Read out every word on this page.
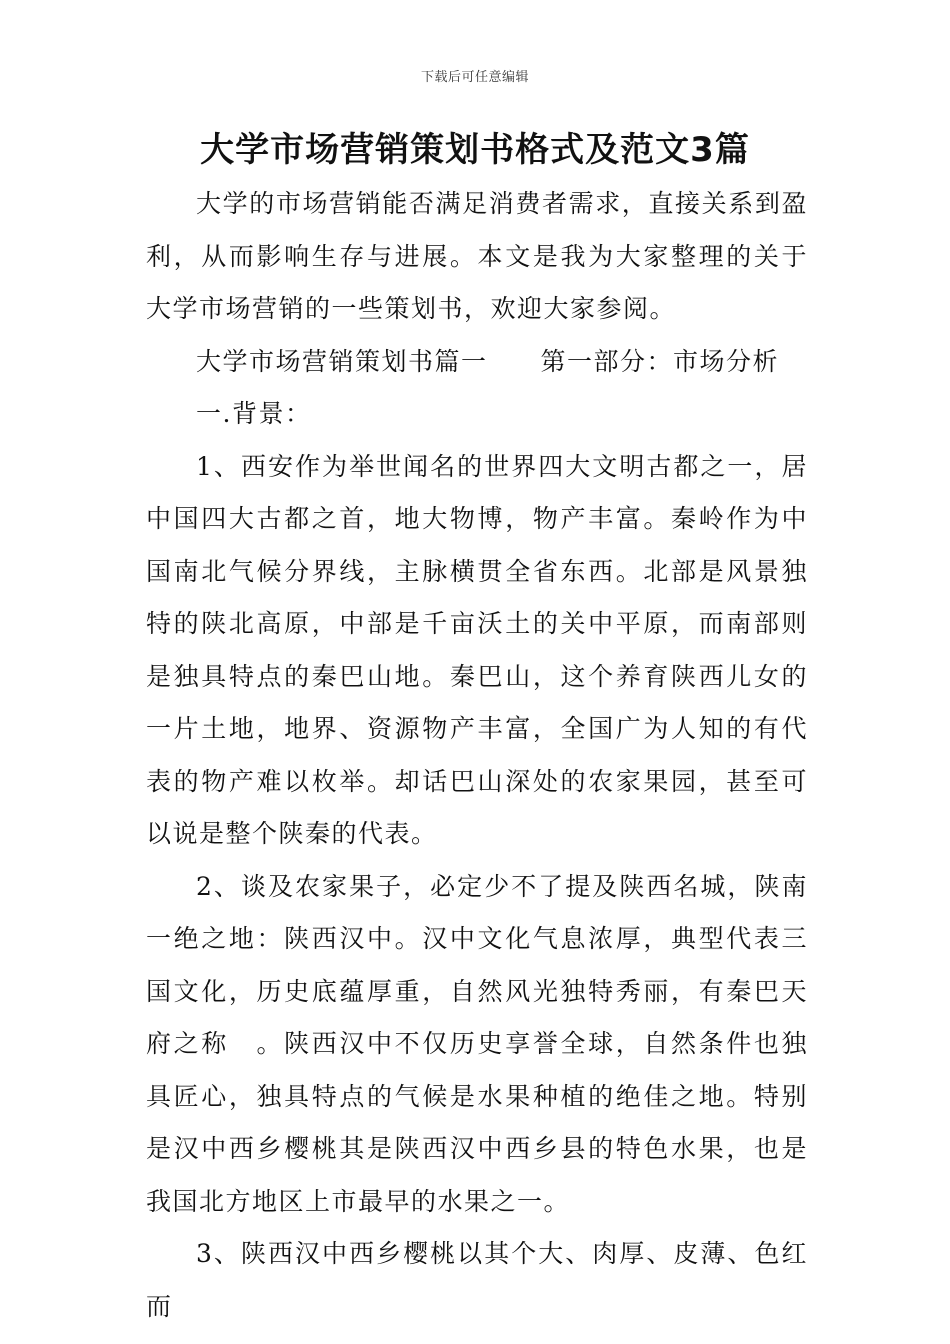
下载后可任意编辑
大学市场营销策划书格式及范文3篇

大学的市场营销能否满足消费者需求，直接关系到盈利，从而影响生存与进展。本文是我为大家整理的关于大学市场营销的一些策划书，欢迎大家参阅。

大学市场营销策划书篇一　　第一部分：市场分析

一.背景：

1、西安作为举世闻名的世界四大文明古都之一，居中国四大古都之首，地大物博，物产丰富。秦岭作为中国南北气候分界线，主脉横贯全省东西。北部是风景独特的陕北高原，中部是千亩沃土的关中平原，而南部则是独具特点的秦巴山地。秦巴山，这个养育陕西儿女的一片土地，地界、资源物产丰富，全国广为人知的有代表的物产难以枚举。却话巴山深处的农家果园，甚至可以说是整个陕秦的代表。

2、谈及农家果子，必定少不了提及陕西名城，陕南一绝之地：陕西汉中。汉中文化气息浓厚，典型代表三国文化，历史底蕴厚重，自然风光独特秀丽，有秦巴天府之称　。陕西汉中不仅历史享誉全球，自然条件也独具匠心，独具特点的气候是水果种植的绝佳之地。特别是汉中西乡樱桃其是陕西汉中西乡县的特色水果，也是我国北方地区上市最早的水果之一。

3、陕西汉中西乡樱桃以其个大、肉厚、皮薄、色红而
